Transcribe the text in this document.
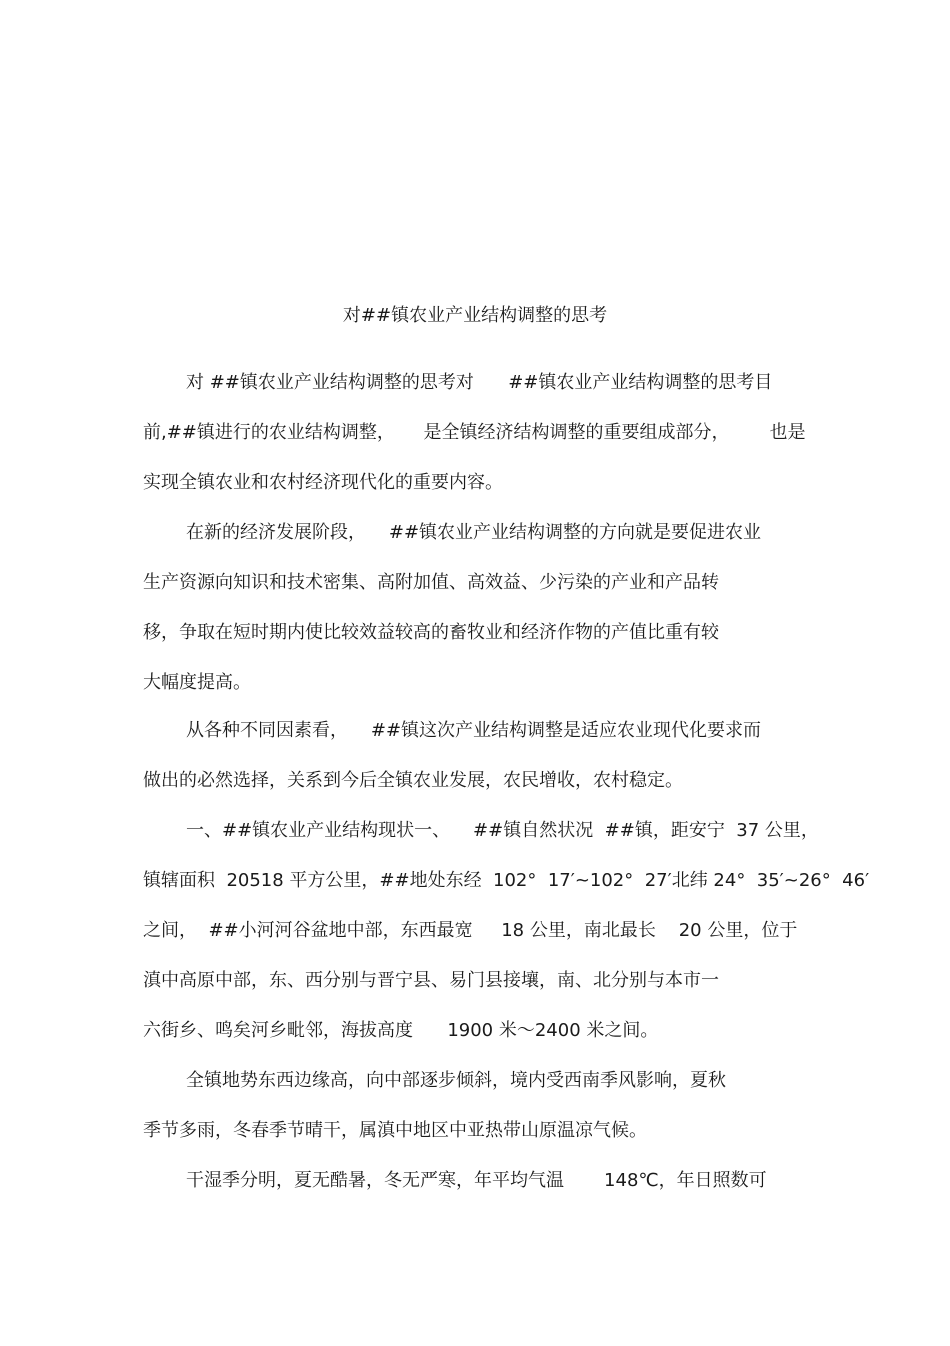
对##镇农业产业结构调整的思考
对 ##镇农业产业结构调整的思考对      ##镇农业产业结构调整的思考目
前,##镇进行的农业结构调整，     是全镇经济结构调整的重要组成部分，       也是
实现全镇农业和农村经济现代化的重要内容。
在新的经济发展阶段，    ##镇农业产业结构调整的方向就是要促进农业
生产资源向知识和技术密集、高附加值、高效益、少污染的产业和产品转
移，争取在短时期内使比较效益较高的畜牧业和经济作物的产值比重有较
大幅度提高。
从各种不同因素看，    ##镇这次产业结构调整是适应农业现代化要求而
做出的必然选择，关系到今后全镇农业发展，农民增收，农村稳定。
一、##镇农业产业结构现状一、    ##镇自然状况  ##镇，距安宁  37 公里，
镇辖面积  20518 平方公里，##地处东经  102°  17′~102°  27′北纬 24°  35′~26°  46′
之间，  ##小河河谷盆地中部，东西最宽     18 公里，南北最长    20 公里，位于
滇中高原中部，东、西分别与晋宁县、易门县接壤，南、北分别与本市一
六街乡、鸣矣河乡毗邻，海拔高度      1900 米～2400 米之间。
全镇地势东西边缘高，向中部逐步倾斜，境内受西南季风影响，夏秋
季节多雨，冬春季节晴干，属滇中地区中亚热带山原温凉气候。
干湿季分明，夏无酷暑，冬无严寒，年平均气温       148℃，年日照数可
